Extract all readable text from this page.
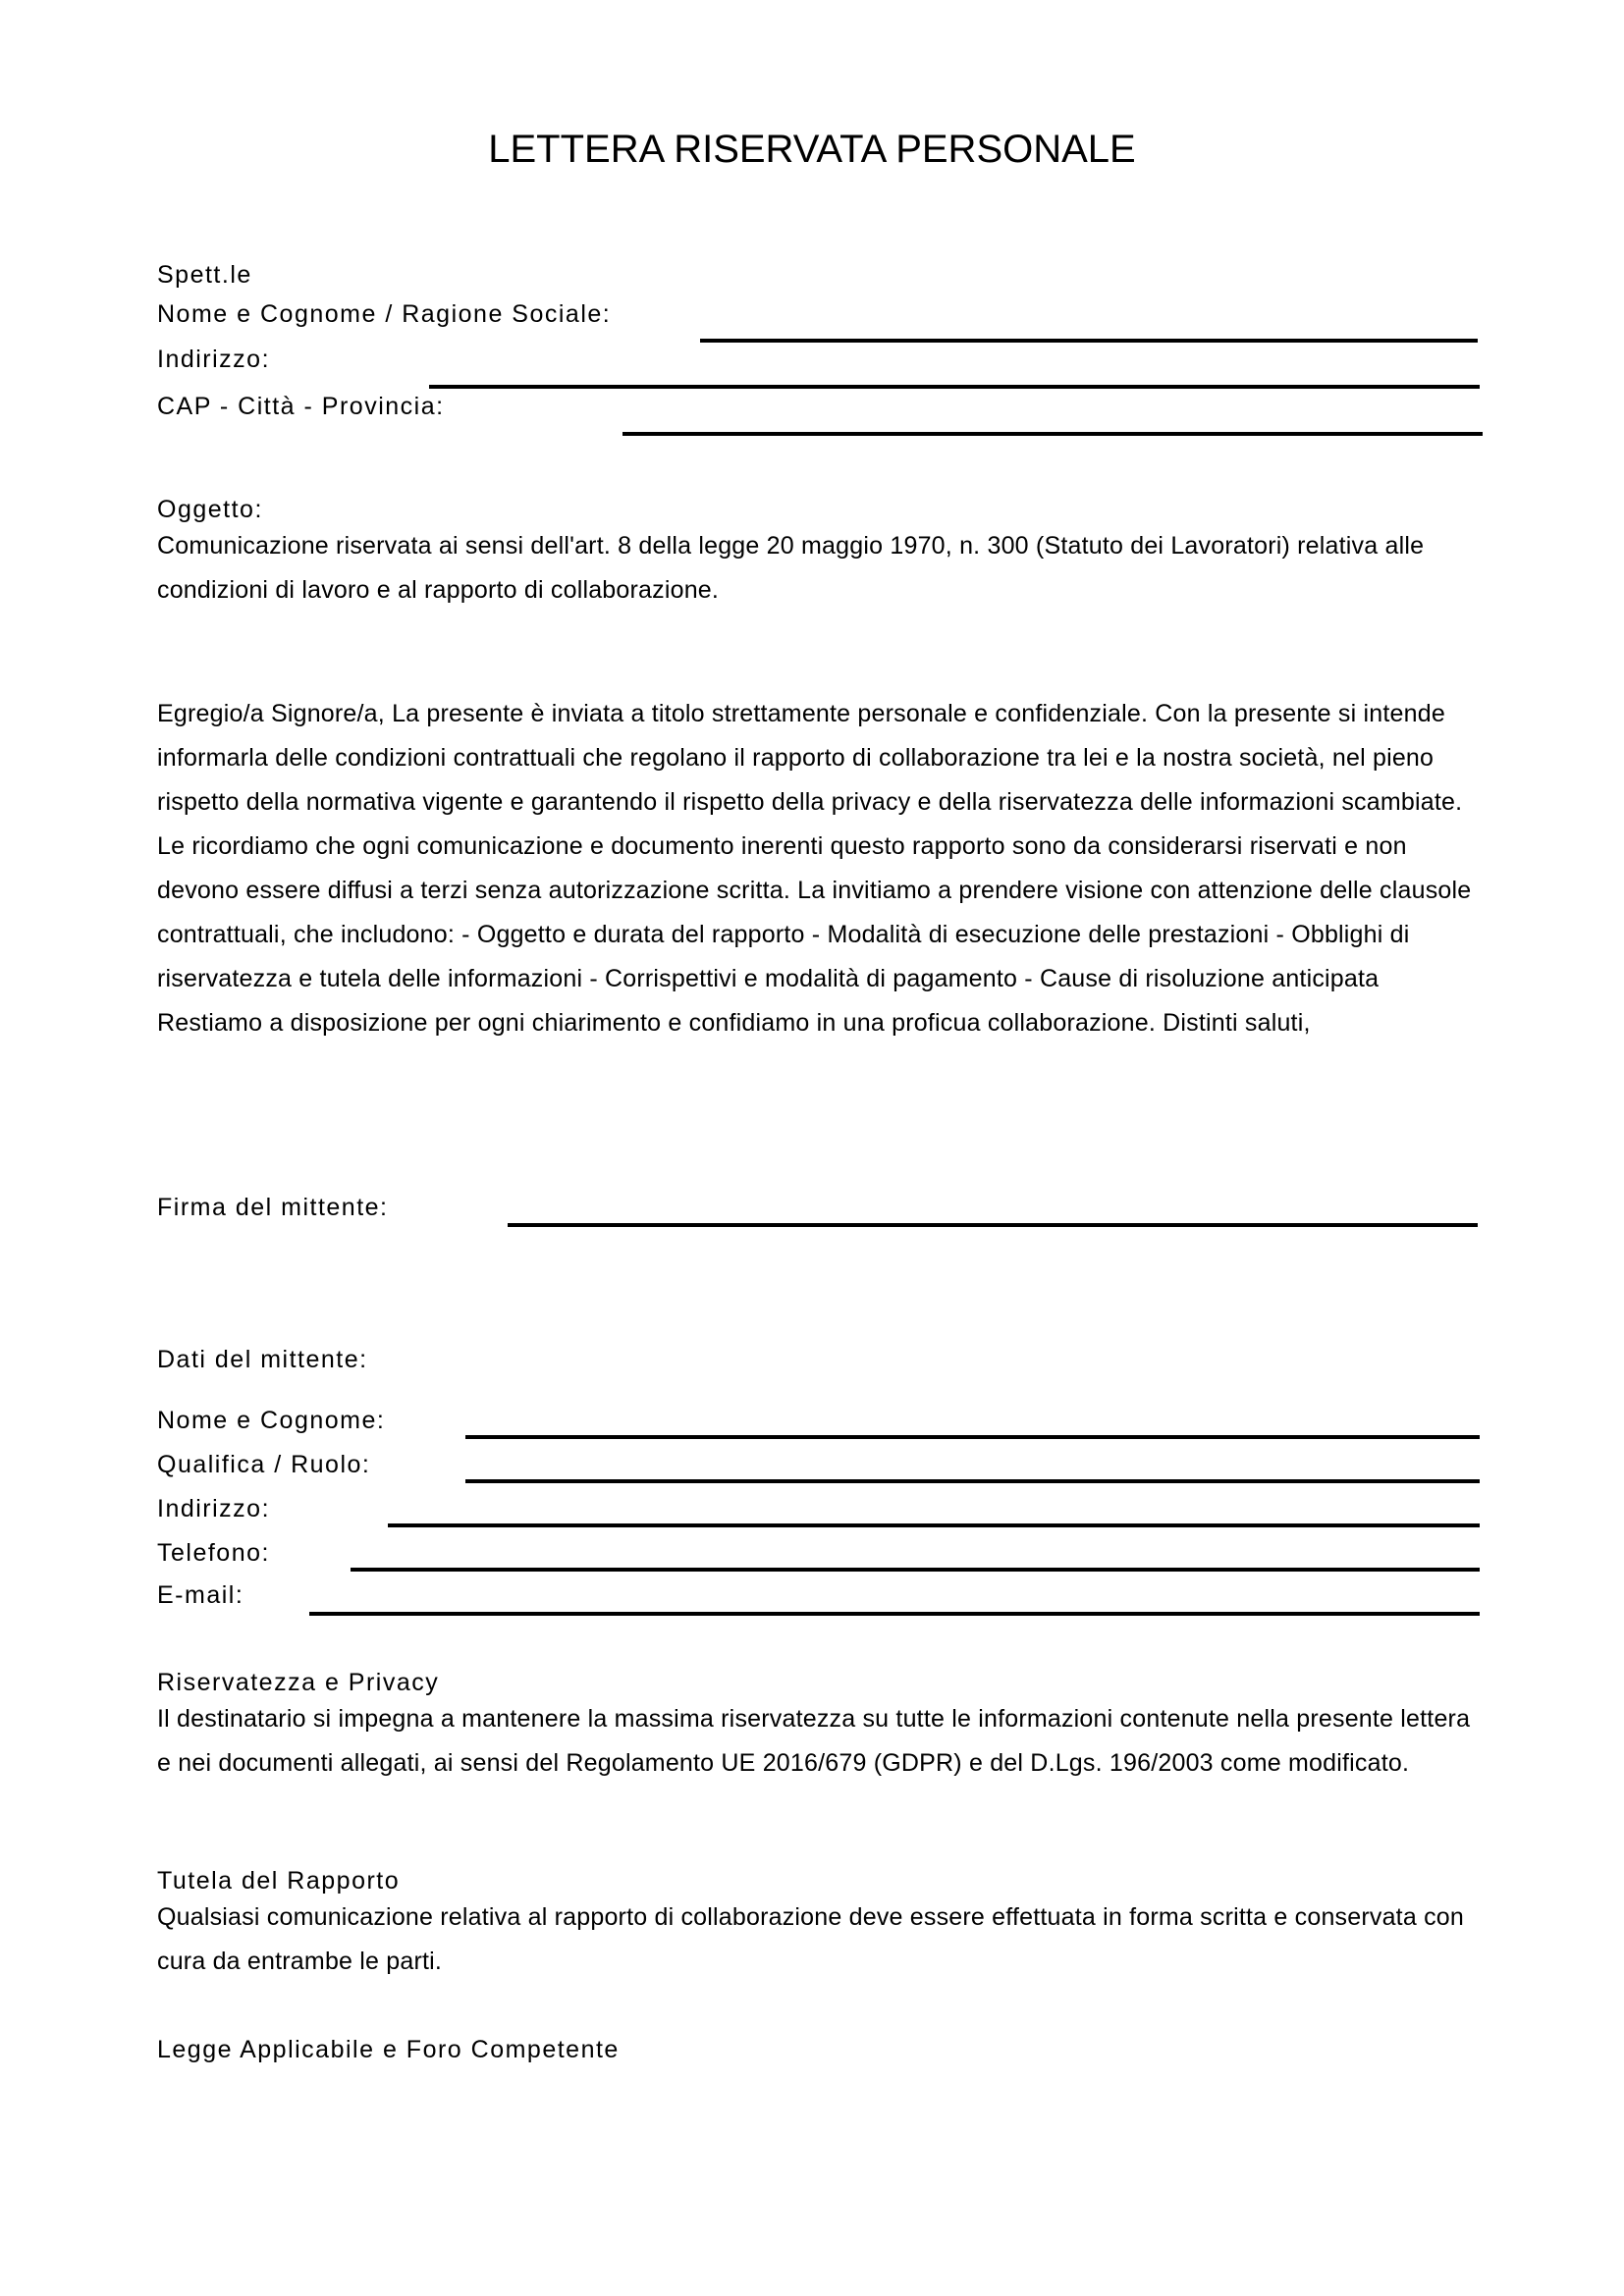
LETTERA RISERVATA PERSONALE
Spett.le
Nome e Cognome / Ragione Sociale:
Indirizzo:
CAP - Città - Provincia:
Oggetto:
Comunicazione riservata ai sensi dell'art. 8 della legge 20 maggio 1970, n. 300 (Statuto dei Lavoratori) relativa alle condizioni di lavoro e al rapporto di collaborazione.
Egregio/a Signore/a, La presente è inviata a titolo strettamente personale e confidenziale. Con la presente si intende informarla delle condizioni contrattuali che regolano il rapporto di collaborazione tra lei e la nostra società, nel pieno rispetto della normativa vigente e garantendo il rispetto della privacy e della riservatezza delle informazioni scambiate. Le ricordiamo che ogni comunicazione e documento inerenti questo rapporto sono da considerarsi riservati e non devono essere diffusi a terzi senza autorizzazione scritta. La invitiamo a prendere visione con attenzione delle clausole contrattuali, che includono: - Oggetto e durata del rapporto - Modalità di esecuzione delle prestazioni - Obblighi di riservatezza e tutela delle informazioni - Corrispettivi e modalità di pagamento - Cause di risoluzione anticipata Restiamo a disposizione per ogni chiarimento e confidiamo in una proficua collaborazione. Distinti saluti,
Firma del mittente:
Dati del mittente:
Nome e Cognome:
Qualifica / Ruolo:
Indirizzo:
Telefono:
E-mail:
Riservatezza e Privacy
Il destinatario si impegna a mantenere la massima riservatezza su tutte le informazioni contenute nella presente lettera e nei documenti allegati, ai sensi del Regolamento UE 2016/679 (GDPR) e del D.Lgs. 196/2003 come modificato.
Tutela del Rapporto
Qualsiasi comunicazione relativa al rapporto di collaborazione deve essere effettuata in forma scritta e conservata con cura da entrambe le parti.
Legge Applicabile e Foro Competente
